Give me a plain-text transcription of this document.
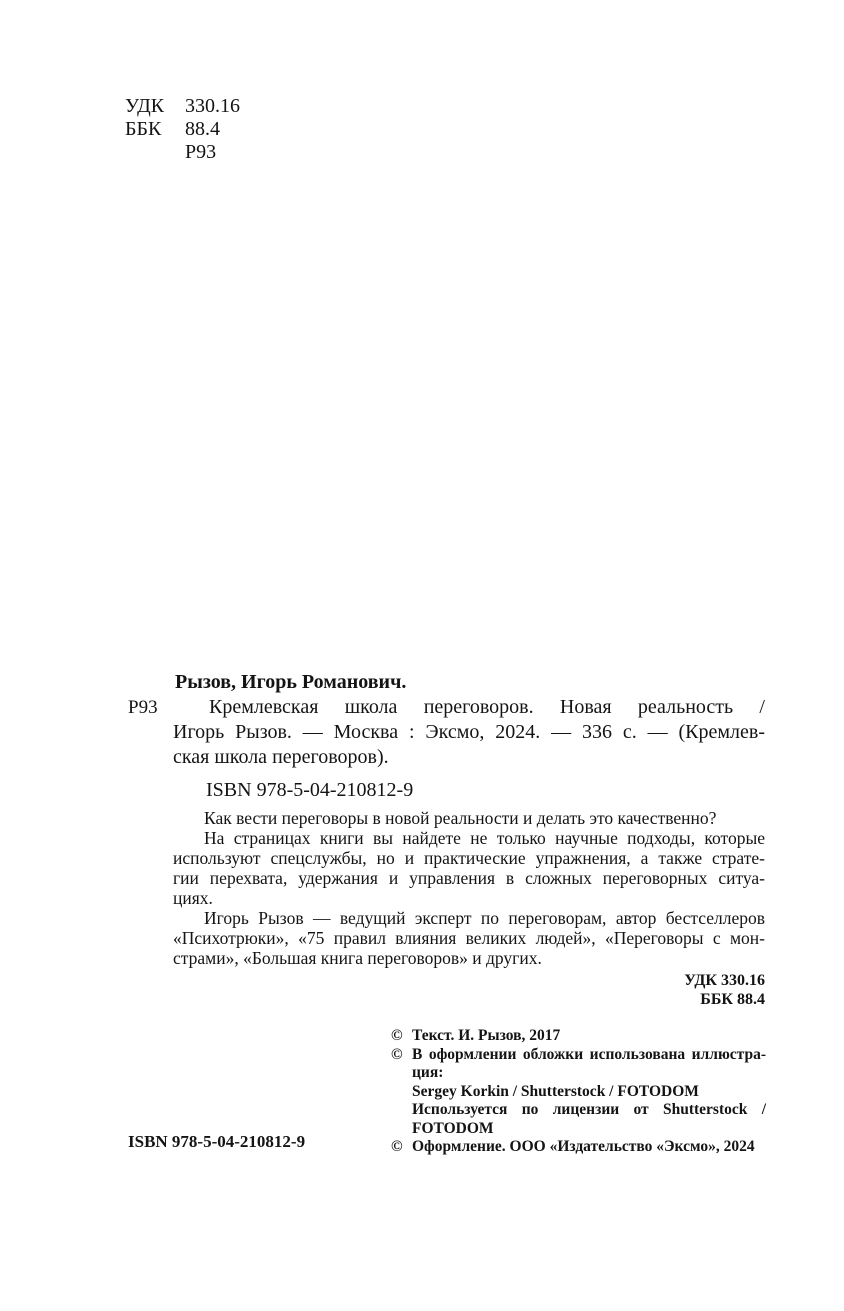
УДК	330.16
ББК	88.4
Р93
Р93
Рызов, Игорь Романович.
Кремлевская школа переговоров. Новая реальность /
Игорь Рызов. — Москва : Эксмо, 2024. — 336 с. — (Кремлев-
ская школа переговоров).
ISBN 978-5-04-210812-9
Как вести переговоры в новой реальности и делать это качественно?
На страницах книги вы найдете не только научные подходы, которые
используют спецслужбы, но и практические упражнения, а также страте-
гии перехвата, удержания и управления в сложных переговорных ситуа-
циях.
Игорь Рызов — ведущий эксперт по переговорам, автор бестселлеров
«Психотрюки», «75 правил влияния великих людей», «Переговоры с мон-
страми», «Большая книга переговоров» и других.
УДК 330.16
ББК 88.4
© Текст. И. Рызов, 2017
© В оформлении обложки использована иллюстра-
ция:
Sergey Korkin / Shutterstock / FOTODOM
Используется по лицензии от Shutterstock /
FOTODOM
© Оформление. ООО «Издательство «Эксмо», 2024
ISBN 978-5-04-210812-9
